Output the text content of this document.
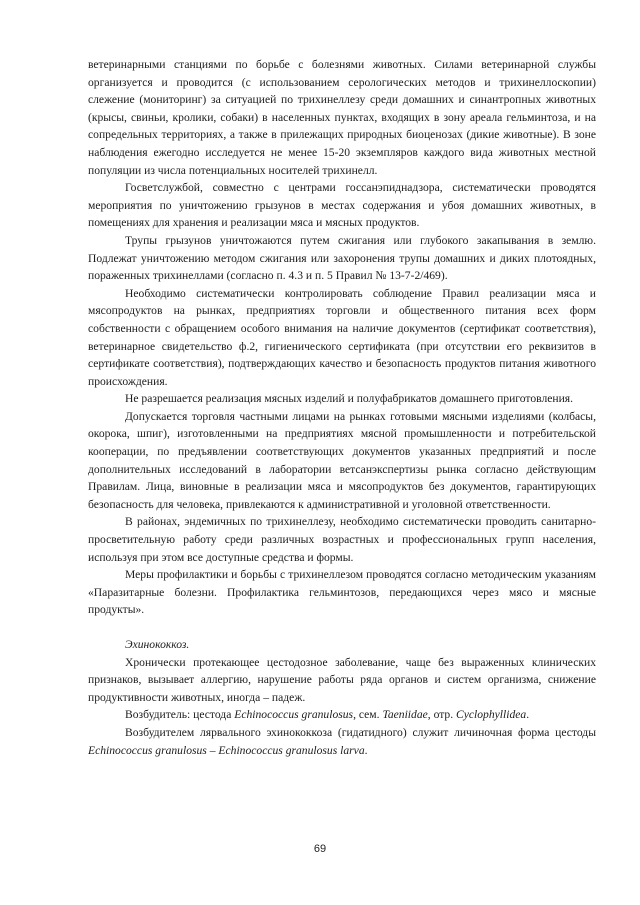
ветеринарными станциями по борьбе с болезнями животных. Силами ветеринарной службы организуется и проводится (с использованием серологических методов и трихинеллоскопии) слежение (мониторинг) за ситуацией по трихинеллезу среди домашних и синантропных животных (крысы, свиньи, кролики, собаки) в населенных пунктах, входящих в зону ареала гельминтоза, и на сопредельных территориях, а также в прилежащих природных биоценозах (дикие животные). В зоне наблюдения ежегодно исследуется не менее 15-20 экземпляров каждого вида животных местной популяции из числа потенциальных носителей трихинелл.

Госветслужбой, совместно с центрами госсанэпиднадзора, систематически проводятся мероприятия по уничтожению грызунов в местах содержания и убоя домашних животных, в помещениях для хранения и реализации мяса и мясных продуктов.

Трупы грызунов уничтожаются путем сжигания или глубокого закапывания в землю. Подлежат уничтожению методом сжигания или захоронения трупы домашних и диких плотоядных, пораженных трихинеллами (согласно п. 4.3 и п. 5 Правил № 13-7-2/469).

Необходимо систематически контролировать соблюдение Правил реализации мяса и мясопродуктов на рынках, предприятиях торговли и общественного питания всех форм собственности с обращением особого внимания на наличие документов (сертификат соответствия), ветеринарное свидетельство ф.2, гигиенического сертификата (при отсутствии его реквизитов в сертификате соответствия), подтверждающих качество и безопасность продуктов питания животного происхождения.

Не разрешается реализация мясных изделий и полуфабрикатов домашнего приготовления.

Допускается торговля частными лицами на рынках готовыми мясными изделиями (колбасы, окорока, шпиг), изготовленными на предприятиях мясной промышленности и потребительской кооперации, по предъявлении соответствующих документов указанных предприятий и после дополнительных исследований в лаборатории ветсанэкспертизы рынка согласно действующим Правилам. Лица, виновные в реализации мяса и мясопродуктов без документов, гарантирующих безопасность для человека, привлекаются к административной и уголовной ответственности.

В районах, эндемичных по трихинеллезу, необходимо систематически проводить санитарно-просветительную работу среди различных возрастных и профессиональных групп населения, используя при этом все доступные средства и формы.

Меры профилактики и борьбы с трихинеллезом проводятся согласно методическим указаниям «Паразитарные болезни. Профилактика гельминтозов, передающихся через мясо и мясные продукты».

Эхинококкоз.

Хронически протекающее цестодозное заболевание, чаще без выраженных клинических признаков, вызывает аллергию, нарушение работы ряда органов и систем организма, снижение продуктивности животных, иногда – падеж.

Возбудитель: цестода Echinococcus granulosus, сем. Taeniidae, отр. Cyclophyllidea.

Возбудителем лярвального эхинококкоза (гидатидного) служит личиночная форма цестоды Echinococcus granulosus – Echinococcus granulosus larva.

69
